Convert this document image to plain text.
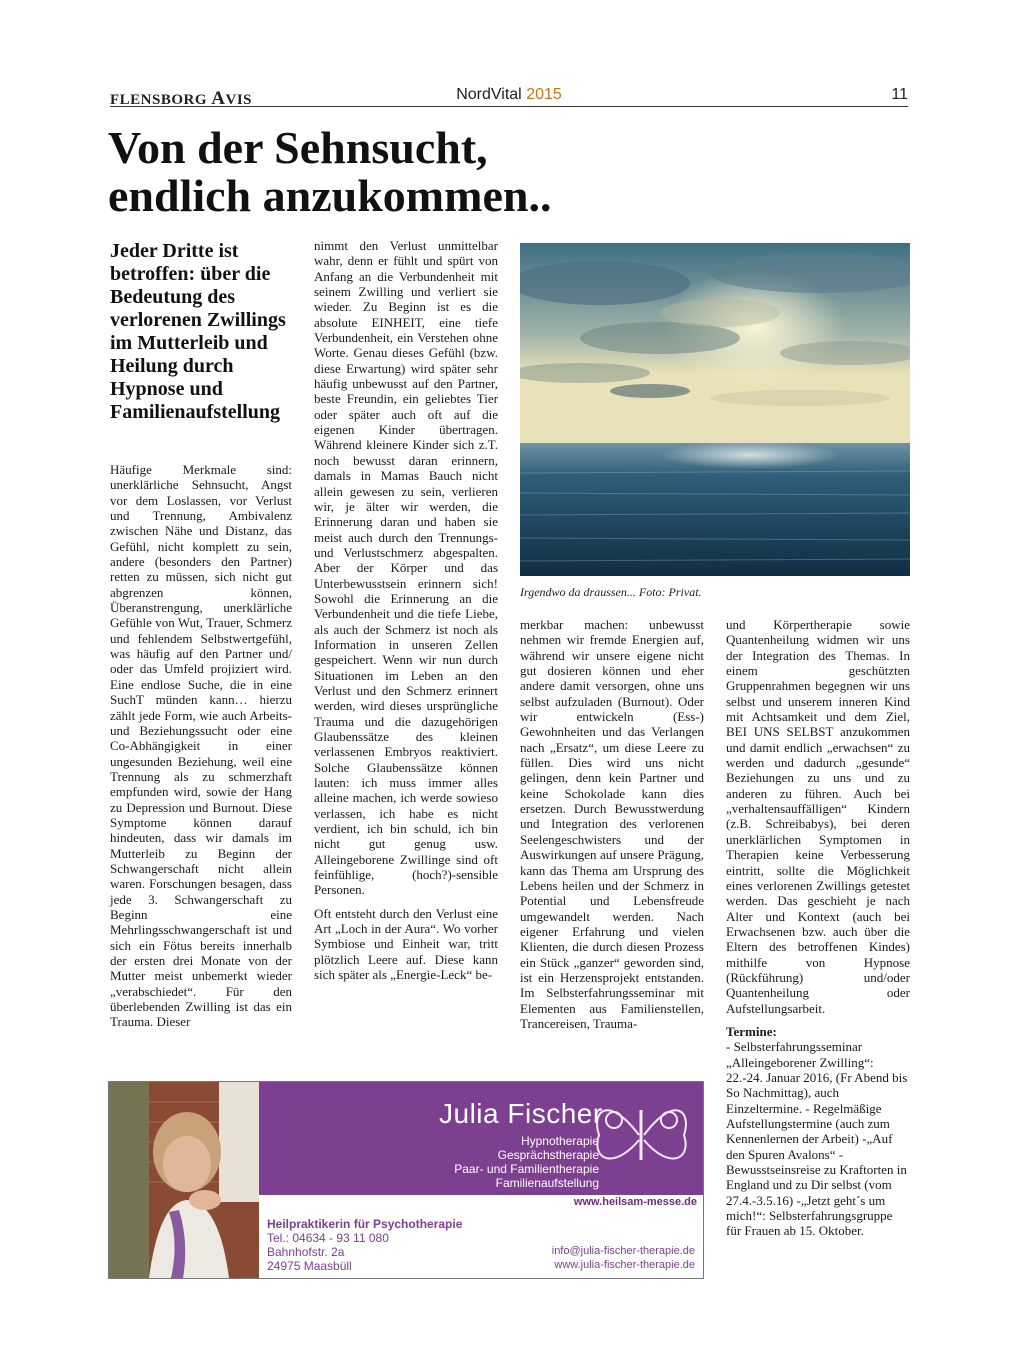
FLENSBORG AVIS	NordVital 2015	11
Von der Sehnsucht,
endlich anzukommen..
Jeder Dritte ist betroffen: über die Bedeutung des verlorenen Zwillings im Mutterleib und Heilung durch Hypnose und Familienaufstellung

Häufige Merkmale sind: unerklärliche Sehnsucht, Angst vor dem Loslassen, vor Verlust und Trennung, Ambivalenz zwischen Nähe und Distanz, das Gefühl, nicht komplett zu sein, andere (besonders den Partner) retten zu müssen, sich nicht gut abgrenzen können, Überanstrengung, unerklärliche Gefühle von Wut, Trauer, Schmerz und fehlendem Selbstwertgefühl, was häufig auf den Partner und/ oder das Umfeld projiziert wird. Eine endlose Suche, die in eine SuchT münden kann… hierzu zählt jede Form, wie auch Arbeits- und Beziehungssucht oder eine Co-Abhängigkeit in einer ungesunden Beziehung, weil eine Trennung als zu schmerzhaft empfunden wird, sowie der Hang zu Depression und Burnout. Diese Symptome können darauf hindeuten, dass wir damals im Mutterleib zu Beginn der Schwangerschaft nicht allein waren. Forschungen besagen, dass jede 3. Schwangerschaft zu Beginn eine Mehrlingsschwangerschaft ist und sich ein Fötus bereits innerhalb der ersten drei Monate von der Mutter meist unbemerkt wieder „verabschiedet“. Für den überlebenden Zwilling ist das ein Trauma. Dieser

nimmt den Verlust unmittelbar wahr, denn er fühlt und spürt von Anfang an die Verbundenheit mit seinem Zwilling und verliert sie wieder. Zu Beginn ist es die absolute EINHEIT, eine tiefe Verbundenheit, ein Verstehen ohne Worte. Genau dieses Gefühl (bzw. diese Erwartung) wird später sehr häufig unbewusst auf den Partner, beste Freundin, ein geliebtes Tier oder später auch oft auf die eigenen Kinder übertragen. Während kleinere Kinder sich z.T. noch bewusst daran erinnern, damals in Mamas Bauch nicht allein gewesen zu sein, verlieren wir, je älter wir werden, die Erinnerung daran und haben sie meist auch durch den Trennungs- und Verlustschmerz abgespalten. Aber der Körper und das Unterbewusstsein erinnern sich! Sowohl die Erinnerung an die Verbundenheit und die tiefe Liebe, als auch der Schmerz ist noch als Information in unseren Zellen gespeichert. Wenn wir nun durch Situationen im Leben an den Verlust und den Schmerz erinnert werden, wird dieses ursprüngliche Trauma und die dazugehörigen Glaubenssätze des kleinen verlassenen Embryos reaktiviert. Solche Glaubenssätze können lauten: ich muss immer alles alleine machen, ich werde sowieso verlassen, ich habe es nicht verdient, ich bin schuld, ich bin nicht gut genug usw. Alleingeborene Zwillinge sind oft feinfühlige, (hoch?)-sensible Personen.

Oft entsteht durch den Verlust eine Art „Loch in der Aura“. Wo vorher Symbiose und Einheit war, tritt plötzlich Leere auf. Diese kann sich später als „Energie-Leck“ be-

Irgendwo da draussen... Foto: Privat.

merkbar machen: unbewusst nehmen wir fremde Energien auf, während wir unsere eigene nicht gut dosieren können und eher andere damit versorgen, ohne uns selbst aufzuladen (Burnout). Oder wir entwickeln (Ess-) Gewohnheiten und das Verlangen nach „Ersatz“, um diese Leere zu füllen. Dies wird uns nicht gelingen, denn kein Partner und keine Schokolade kann dies ersetzen. Durch Bewusstwerdung und Integration des verlorenen Seelengeschwisters und der Auswirkungen auf unsere Prägung, kann das Thema am Ursprung des Lebens heilen und der Schmerz in Potential und Lebensfreude umgewandelt werden. Nach eigener Erfahrung und vielen Klienten, die durch diesen Prozess ein Stück „ganzer“ geworden sind, ist ein Herzensprojekt entstanden. Im Selbsterfahrungsseminar mit Elementen aus Familienstellen, Trancereisen, Trauma-

und Körpertherapie sowie Quantenheilung widmen wir uns der Integration des Themas. In einem geschützten Gruppenrahmen begegnen wir uns selbst und unserem inneren Kind mit Achtsamkeit und dem Ziel, BEI UNS SELBST anzukommen und damit endlich „erwachsen“ zu werden und dadurch „gesunde“ Beziehungen zu uns und zu anderen zu führen. Auch bei „verhaltensauffälligen“ Kindern (z.B. Schreibabys), bei deren unerklärlichen Symptomen in Therapien keine Verbesserung eintritt, sollte die Möglichkeit eines verlorenen Zwillings getestet werden. Das geschieht je nach Alter und Kontext (auch bei Erwachsenen bzw. auch über die Eltern des betroffenen Kindes) mithilfe von Hypnose (Rückführung) und/oder Quantenheilung oder Aufstellungsarbeit.

Termine:
- Selbsterfahrungsseminar „Alleingeborener Zwilling“: 22.-24. Januar 2016, (Fr Abend bis So Nachmittag), auch Einzeltermine. - Regelmäßige Aufstellungstermine (auch zum Kennenlernen der Arbeit) -„Auf den Spuren Avalons“ - Bewusstseinsreise zu Kraftorten in England und zu Dir selbst (vom 27.4.-3.5.16) -„Jetzt geht´s um mich!“: Selbsterfahrungsgruppe für Frauen ab 15. Oktober.
Julia Fischer
Hypnotherapie
Gesprächstherapie
Paar- und Familientherapie
Familienaufstellung
www.heilsam-messe.de
Heilpraktikerin für Psychotherapie
Tel.: 04634 - 93 11 080
Bahnhofstr. 2a
24975 Maasbüll
info@julia-fischer-therapie.de
www.julia-fischer-therapie.de
